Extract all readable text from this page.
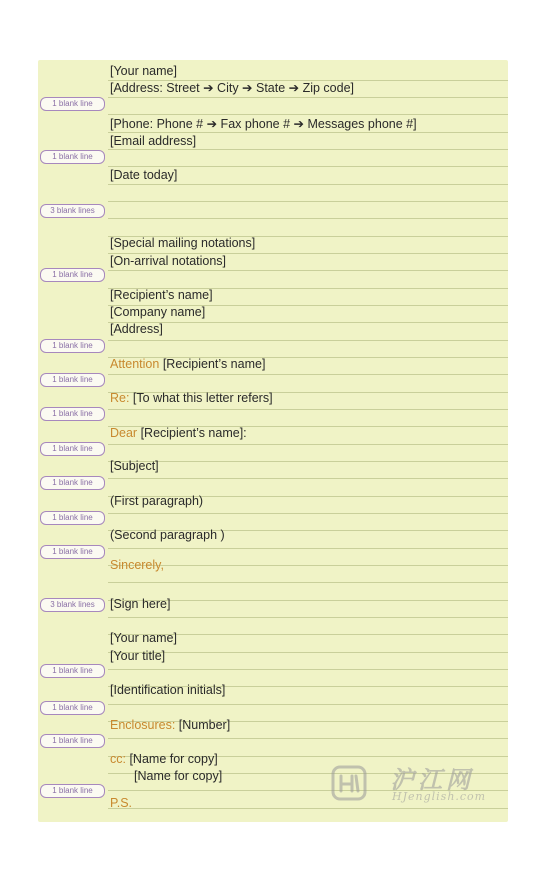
[Your name]
[Address: Street ➔ City ➔ State ➔ Zip code]
[Phone: Phone # ➔ Fax phone # ➔ Messages phone #]
[Email address]
[Date today]
[Special mailing notations]
[On-arrival notations]
[Recipient’s name]
[Company name]
[Address]
Attention [Recipient’s name]
Re: [To what this letter refers]
Dear [Recipient’s name]:
[Subject]
(First paragraph)
(Second paragraph )
Sincerely,
[Sign here]
[Your name]
[Your title]
[Identification initials]
Enclosures: [Number]
cc: [Name for copy]
[Name for copy]
P.S.
1 blank line
1 blank line
3 blank lines
1 blank line
1 blank line
1 blank line
1 blank line
1 blank line
1 blank line
1 blank line
1 blank line
3 blank lines
1 blank line
1 blank line
1 blank line
1 blank line	沪江网
HJenglish.com
